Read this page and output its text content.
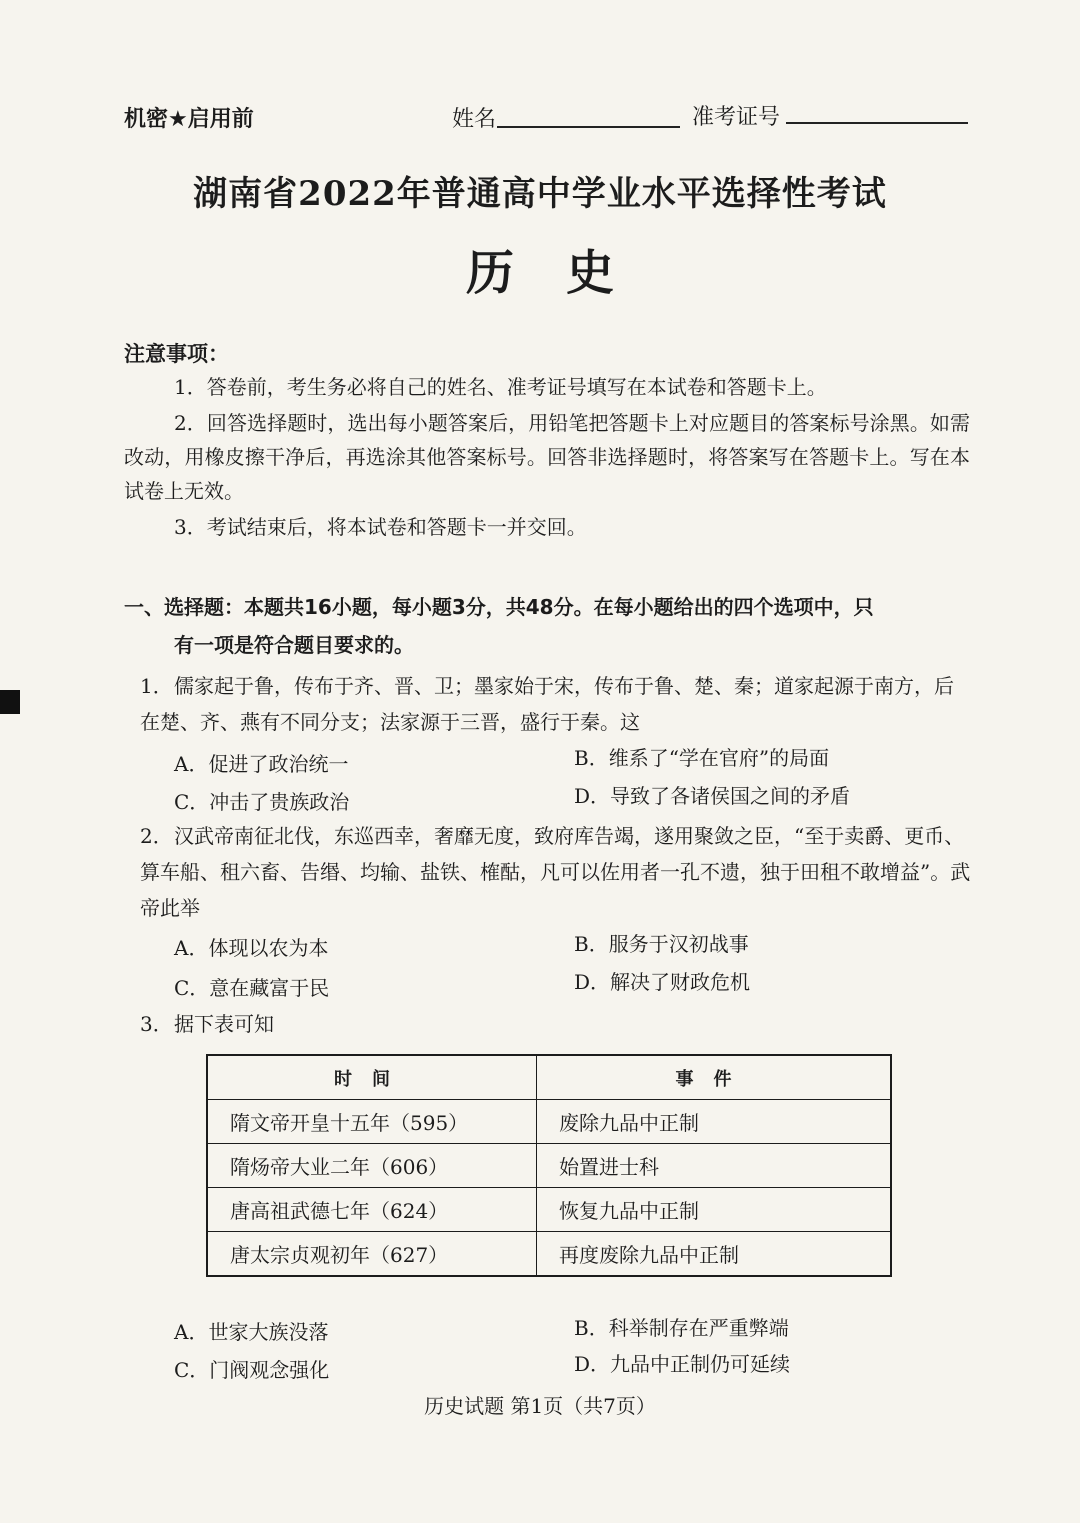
机密★启用前	姓名	准考证号
湖南省2022年普通高中学业水平选择性考试
历史
注意事项：
1．答卷前，考生务必将自己的姓名、准考证号填写在本试卷和答题卡上。
2．回答选择题时，选出每小题答案后，用铅笔把答题卡上对应题目的答案标号涂黑。如需改动，用橡皮擦干净后，再选涂其他答案标号。回答非选择题时，将答案写在答题卡上。写在本试卷上无效。
3．考试结束后，将本试卷和答题卡一并交回。
一、选择题：本题共16小题，每小题3分，共48分。在每小题给出的四个选项中，只
有一项是符合题目要求的。
1．儒家起于鲁，传布于齐、晋、卫；墨家始于宋，传布于鲁、楚、秦；道家起源于南方，后在楚、齐、燕有不同分支；法家源于三晋，盛行于秦。这
A．促进了政治统一	B．维系了“学在官府”的局面
C．冲击了贵族政治	D．导致了各诸侯国之间的矛盾
2．汉武帝南征北伐，东巡西幸，奢靡无度，致府库告竭，遂用聚敛之臣，“至于卖爵、更币、算车船、租六畜、告缗、均输、盐铁、榷酤，凡可以佐用者一孔不遗，独于田租不敢增益”。武帝此举
A．体现以农为本	B．服务于汉初战事
C．意在藏富于民	D．解决了财政危机
3．据下表可知
时间	事件
隋文帝开皇十五年（595）	废除九品中正制
隋炀帝大业二年（606）	始置进士科
唐高祖武德七年（624）	恢复九品中正制
唐太宗贞观初年（627）	再度废除九品中正制
A．世家大族没落	B．科举制存在严重弊端
C．门阀观念强化	D．九品中正制仍可延续
历史试题 第1页（共7页）
